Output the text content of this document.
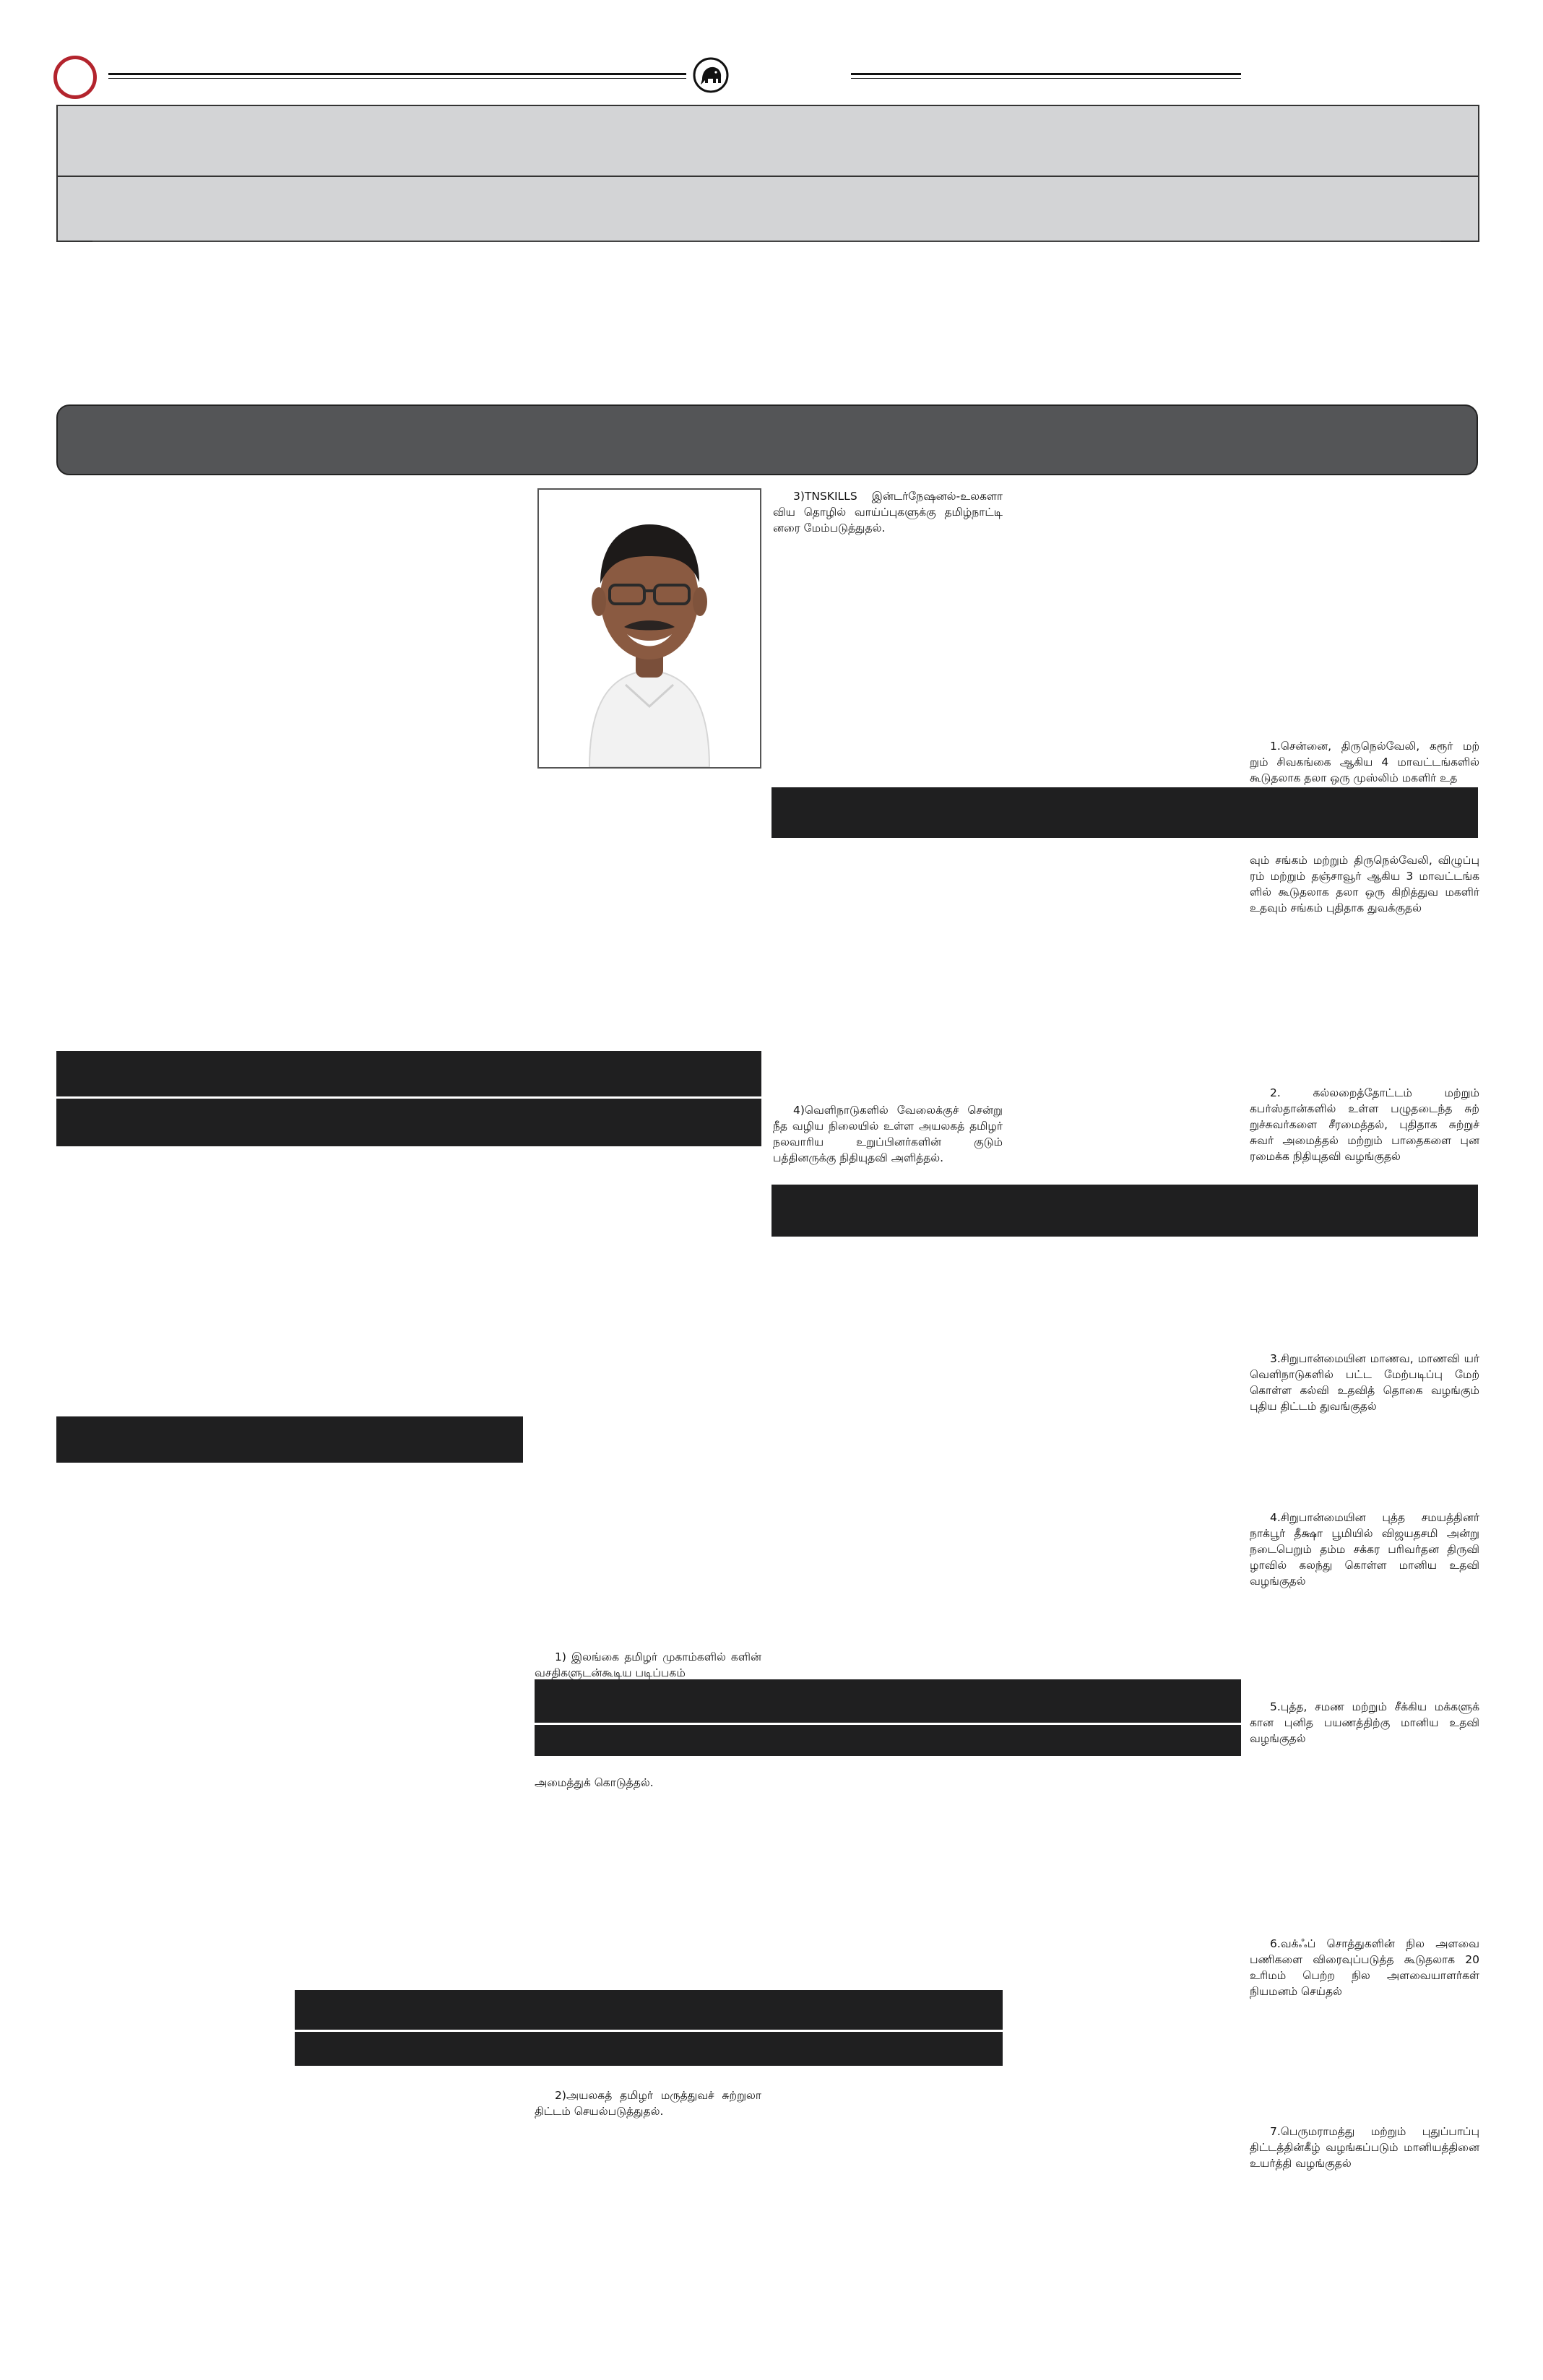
3)TNSKILLS இன்டர்நேஷனல்-உலகளா விய தொழில் வாய்ப்புகளுக்கு தமிழ்நாட்டி னரை மேம்படுத்துதல்.
4)வெளிநாடுகளில் வேலைக்குச் சென்று நீத வழிய நிலையில் உள்ள அயலகத் தமிழர் நலவாரிய உறுப்பினர்களின் குடும் பத்தினருக்கு நிதியுதவி அளித்தல்.
1.சென்னை, திருநெல்வேலி, கரூர் மற் றும் சிவகங்கை ஆகிய 4 மாவட்டங்களில் கூடுதலாக தலா ஒரு முஸ்லிம் மகளிர் உத
வும் சங்கம் மற்றும் திருநெல்வேலி, விழுப்பு ரம் மற்றும் தஞ்சாவூர் ஆகிய 3 மாவட்டங்க ளில் கூடுதலாக தலா ஒரு கிறித்துவ மகளிர் உதவும் சங்கம் புதிதாக துவக்குதல்
2. கல்லறைத்தோட்டம் மற்றும் கபர்ஸ்தான்களில் உள்ள பழுதடைந்த சுற் றுச்சுவர்களை சீரமைத்தல், புதிதாக சுற்றுச் சுவர் அமைத்தல் மற்றும் பாதைகளை புன ரமைக்க நிதியுதவி வழங்குதல்
3.சிறுபான்மையின மாணவ, மாணவி யர் வெளிநாடுகளில் பட்ட மேற்படிப்பு மேற் கொள்ள கல்வி உதவித் தொகை வழங்கும் புதிய திட்டம் துவங்குதல்
4.சிறுபான்மையின புத்த சமயத்தினர் நாக்பூர் தீக்ஷா பூமியில் விஜயதசமி அன்று நடைபெறும் தம்ம சக்கர பரிவர்தன திருவி ழாவில் கலந்து கொள்ள மானிய உதவி வழங்குதல்
5.புத்த, சமண மற்றும் சீக்கிய மக்களுக் கான புனித பயணத்திற்கு மானிய உதவி வழங்குதல்
6.வக்ஃப் சொத்துகளின் நில அளவை பணிகளை விரைவுப்படுத்த கூடுதலாக 20 உரிமம் பெற்ற நில அளவையாளர்கள் நியமனம் செய்தல்
7.பெருமராமத்து மற்றும் புதுப்பாப்பு திட்டத்தின்கீழ் வழங்கப்படும் மானியத்தினை உயர்த்தி வழங்குதல்
1) இலங்கை தமிழர் முகாம்களில் களின் வசதிகளுடன்கூடிய படிப்பகம்
அமைத்துக் கொடுத்தல்.
2)அயலகத் தமிழர் மருத்துவச் சுற்றுலா திட்டம் செயல்படுத்துதல்.
